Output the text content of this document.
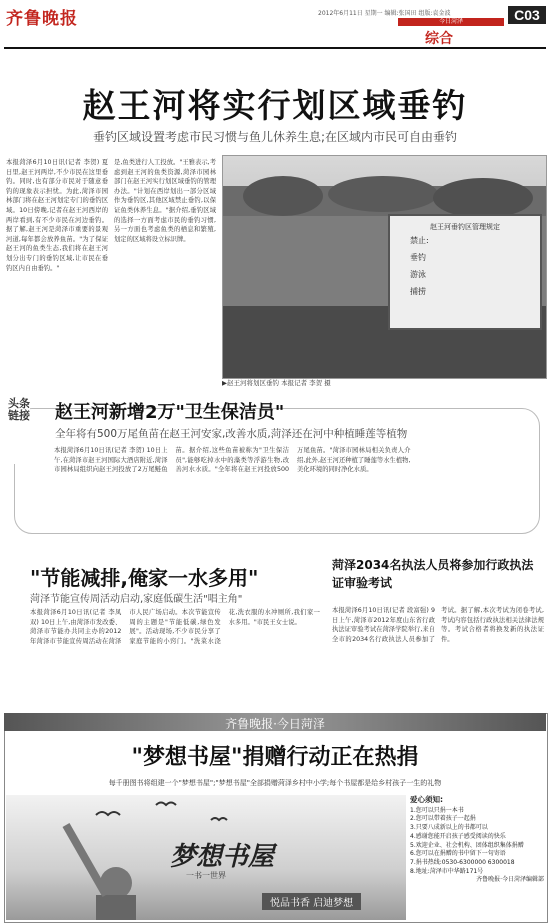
齐鲁晚报	2012年6月11日 星期一 编辑:张国田 组版:袁金波
今日菏泽
综合
C03
赵王河将实行划区域垂钓
垂钓区域设置考虑市民习惯与鱼儿休养生息;在区域内市民可自由垂钓
本报菏泽6月10日讯(记者 李贺) 夏日里,赵王河两岸,不少市民在这里垂钓。同时,也有部分市民对于随意垂钓的现象表示担忧。为此,菏泽市园林部门将在赵王河划定专门的垂钓区域。10日傍晚,记者在赵王河西岸的两岸看到,有不少市民在河边垂钓。据了解,赵王河是菏泽市重要的景观河道,每年都会放养鱼苗。"为了保证赵王河的鱼类生态,我们将在赵王河划分出专门的垂钓区域,让市民在垂钓区内自由垂钓。"
是,鱼类进行人工投放。"王雅表示,考虑到赵王河的鱼类资源,菏泽市园林部门在赵王河实行划区域垂钓的管理办法。"计划在西岸划出一部分区域作为垂钓区,其他区域禁止垂钓,以保证鱼类休养生息。"据介绍,垂钓区域的选择一方面考虑市民的垂钓习惯,另一方面也考虑鱼类的栖息和繁殖,划定的区域将设立标识牌。
赵王河垂钓区管理规定
禁止:
垂钓
游泳
捕捞
▶赵王河将划区垂钓 本报记者 李贺 摄
头条链接 赵王河新增2万"卫生保洁员"
全年将有500万尾鱼苗在赵王河安家,改善水质,菏泽还在河中种植睡莲等植物
本报菏泽6月10日讯(记者 李贺) 10日上午,在菏泽市赵王河国际大酒店附近,菏泽市园林局组织向赵王河投放了2万尾鲢鱼苗。据介绍,这些鱼苗被称为"卫生保洁员",能够吃掉水中的藻类等浮游生物,改善河水水质。"全年将在赵王河投放500万尾鱼苗。"菏泽市园林局相关负责人介绍,此外,赵王河还种植了睡莲等水生植物,美化环境的同时净化水质。
"节能减排,俺家一水多用"
菏泽节能宣传周活动启动,家庭低碳生活"唱主角"
本报菏泽6月10日讯(记者 李凤双) 10日上午,由菏泽市发改委、菏泽市节能办共同主办的2012年菏泽市节能宣传周活动在菏泽市人民广场启动。本次节能宣传周的主题是"节能低碳,绿色发展"。活动现场,不少市民分享了家庭节能的小窍门。"洗菜水浇花,洗衣服的水冲厕所,我们家一水多用。"市民王女士说。
菏泽2034名执法人员将参加行政执法证审验考试
本报菏泽6月10日讯(记者 段富强) 9日上午,菏泽市2012年度山东省行政执法证审验考试在菏泽学院举行,来自全市的2034名行政执法人员参加了考试。据了解,本次考试为闭卷考试,考试内容包括行政执法相关法律法规等。考试合格者将换发新的执法证件。
齐鲁晚报·今日菏泽
"梦想书屋"捐赠行动正在热捐
每千册图书将组建一个"梦想书屋";"梦想书屋"全部捐赠菏泽乡村中小学;每个书屋都是给乡村孩子一生的礼物
梦想书屋
一书一世界
悦品书香 启迪梦想
爱心须知:
1.您可以只捐一本书
2.您可以带着孩子一起捐
3.只要八成新以上的书都可以
4.感谢您能开启孩子感受阅读的快乐
5.欢迎企业、社会机构、团体组织集体捐赠
6.您可以在捐赠的书中留下一句寄语
7.捐书热线:0530-6300000 6300018
8.地址:菏泽市中华路171号
齐鲁晚报·今日菏泽编辑部
